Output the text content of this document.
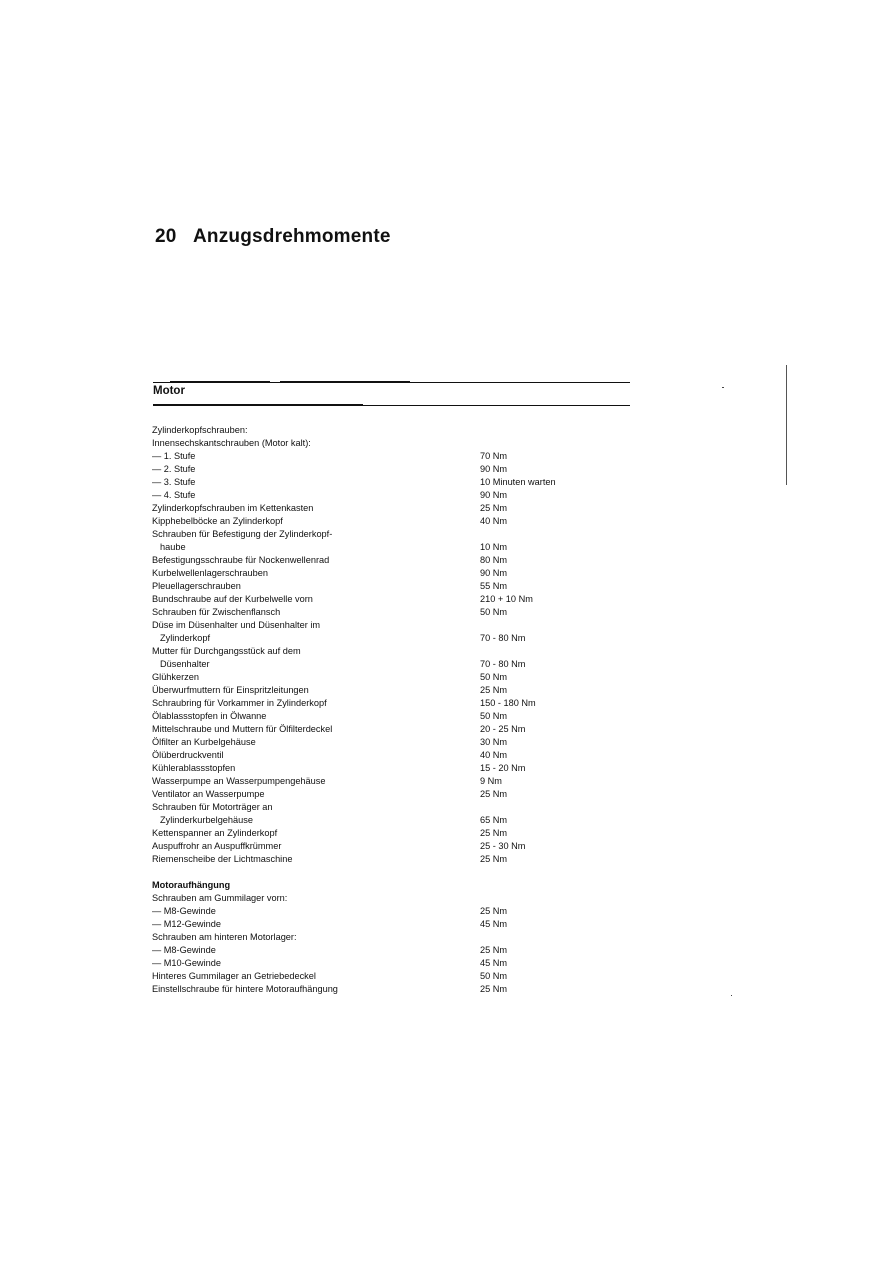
20 Anzugsdrehmomente
Motor
Zylinderkopfschrauben:
Innensechskantschrauben (Motor kalt):
— 1. Stufe	70 Nm
— 2. Stufe	90 Nm
— 3. Stufe	10 Minuten warten
— 4. Stufe	90 Nm
Zylinderkopfschrauben im Kettenkasten	25 Nm
Kipphebelböcke an Zylinderkopf	40 Nm
Schrauben für Befestigung der Zylinderkopf-
haube	10 Nm
Befestigungsschraube für Nockenwellenrad	80 Nm
Kurbelwellenlagerschrauben	90 Nm
Pleuellagerschrauben	55 Nm
Bundschraube auf der Kurbelwelle vorn	210 + 10 Nm
Schrauben für Zwischenflansch	50 Nm
Düse im Düsenhalter und Düsenhalter im
Zylinderkopf	70 - 80 Nm
Mutter für Durchgangsstück auf dem
Düsenhalter	70 - 80 Nm
Glühkerzen	50 Nm
Überwurfmuttern für Einspritzleitungen	25 Nm
Schraubring für Vorkammer in Zylinderkopf	150 - 180 Nm
Ölablassstopfen in Ölwanne	50 Nm
Mittelschraube und Muttern für Ölfilterdeckel	20 - 25 Nm
Ölfilter an Kurbelgehäuse	30 Nm
Ölüberdruckventil	40 Nm
Kühlerablassstopfen	15 - 20 Nm
Wasserpumpe an Wasserpumpengehäuse	9 Nm
Ventilator an Wasserpumpe	25 Nm
Schrauben für Motorträger an
Zylinderkurbelgehäuse	65 Nm
Kettenspanner an Zylinderkopf	25 Nm
Auspuffrohr an Auspuffkrümmer	25 - 30 Nm
Riemenscheibe der Lichtmaschine	25 Nm
Motoraufhängung
Schrauben am Gummilager vorn:
— M8-Gewinde	25 Nm
— M12-Gewinde	45 Nm
Schrauben am hinteren Motorlager:
— M8-Gewinde	25 Nm
— M10-Gewinde	45 Nm
Hinteres Gummilager an Getriebedeckel	50 Nm
Einstellschraube für hintere Motoraufhängung	25 Nm
